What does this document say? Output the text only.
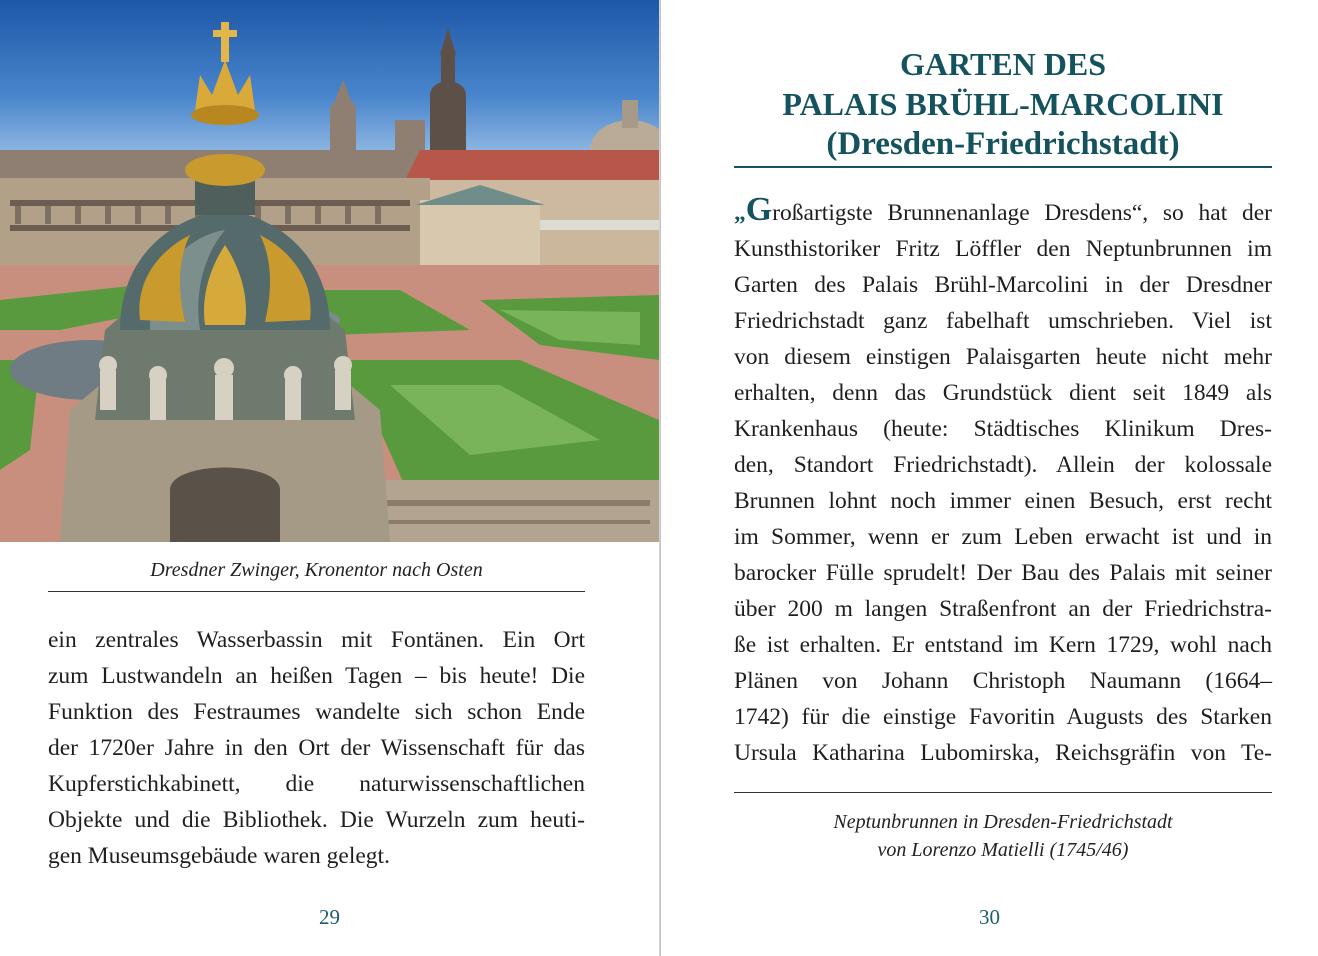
Dresdner Zwinger, Kronentor nach Osten

ein zentrales Wasserbassin mit Fontänen. Ein Ort
zum Lustwandeln an heißen Tagen – bis heute! Die
Funktion des Festraumes wandelte sich schon Ende
der 1720er Jahre in den Ort der Wissenschaft für das
Kupferstichkabinett, die naturwissenschaftlichen
Objekte und die Bibliothek. Die Wurzeln zum heuti-
gen Museumsgebäude waren gelegt.

29
GARTEN DES
PALAIS BRÜHL-MARCOLINI
(Dresden-Friedrichstadt)

„Großartigste Brunnenanlage Dresdens“, so hat der
Kunsthistoriker Fritz Löffler den Neptunbrunnen im
Garten des Palais Brühl-Marcolini in der Dresdner
Friedrichstadt ganz fabelhaft umschrieben. Viel ist
von diesem einstigen Palaisgarten heute nicht mehr
erhalten, denn das Grundstück dient seit 1849 als
Krankenhaus (heute: Städtisches Klinikum Dres-
den, Standort Friedrichstadt). Allein der kolossale
Brunnen lohnt noch immer einen Besuch, erst recht
im Sommer, wenn er zum Leben erwacht ist und in
barocker Fülle sprudelt! Der Bau des Palais mit seiner
über 200 m langen Straßenfront an der Friedrichstra-
ße ist erhalten. Er entstand im Kern 1729, wohl nach
Plänen von Johann Christoph Naumann (1664–
1742) für die einstige Favoritin Augusts des Starken
Ursula Katharina Lubomirska, Reichsgräfin von Te-

Neptunbrunnen in Dresden-Friedrichstadt
von Lorenzo Matielli (1745/46)
30
